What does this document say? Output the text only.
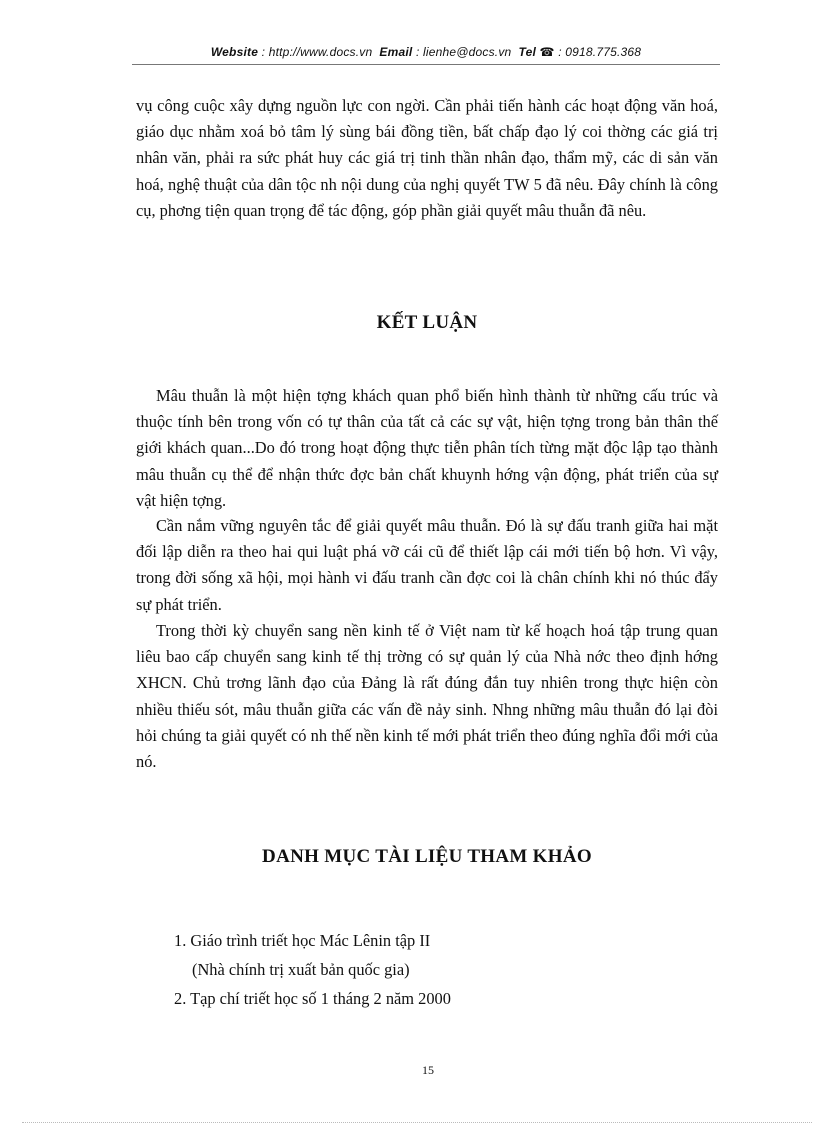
Website : http://www.docs.vn Email : lienhe@docs.vn Tel ☎ : 0918.775.368

vụ công cuộc xây dựng nguồn lực con ngời. Cần phải tiến hành các hoạt động văn hoá, giáo dục nhằm xoá bỏ tâm lý sùng bái đồng tiền, bất chấp đạo lý coi thờng các giá trị nhân văn, phải ra sức phát huy các giá trị tinh thần nhân đạo, thẩm mỹ, các di sản văn hoá, nghệ thuật của dân tộc nh nội dung của nghị quyết TW 5 đã nêu. Đây chính là công cụ, phơng tiện quan trọng để tác động, góp phần giải quyết mâu thuẫn đã nêu.

KẾT LUẬN

Mâu thuẫn là một hiện tợng khách quan phổ biến hình thành từ những cấu trúc và thuộc tính bên trong vốn có tự thân của tất cả các sự vật, hiện tợng trong bản thân thế giới khách quan...Do đó trong hoạt động thực tiễn phân tích từng mặt độc lập tạo thành mâu thuẫn cụ thể để nhận thức đợc bản chất khuynh hớng vận động, phát triển của sự vật hiện tợng.

Cần nắm vững nguyên tắc để giải quyết mâu thuẫn. Đó là sự đấu tranh giữa hai mặt đối lập diễn ra theo hai qui luật phá vỡ cái cũ để thiết lập cái mới tiến bộ hơn. Vì vậy, trong đời sống xã hội, mọi hành vi đấu tranh cần đợc coi là chân chính khi nó thúc đẩy sự phát triển.

Trong thời kỳ chuyển sang nền kinh tế ở Việt nam từ kế hoạch hoá tập trung quan liêu bao cấp chuyển sang kinh tế thị trờng có sự quản lý của Nhà nớc theo định hớng XHCN. Chủ trơng lãnh đạo của Đảng là rất đúng đắn tuy nhiên trong thực hiện còn nhiều thiếu sót, mâu thuẫn giữa các vấn đề nảy sinh. Nhng những mâu thuẫn đó lại đòi hỏi chúng ta giải quyết có nh thế nền kinh tế mới phát triển theo đúng nghĩa đổi mới của nó.

DANH MỤC TÀI LIỆU THAM KHẢO
1. Giáo trình triết học Mác Lênin tập II
(Nhà chính trị xuất bản quốc gia)
2. Tạp chí triết học số 1 tháng 2 năm 2000
15
